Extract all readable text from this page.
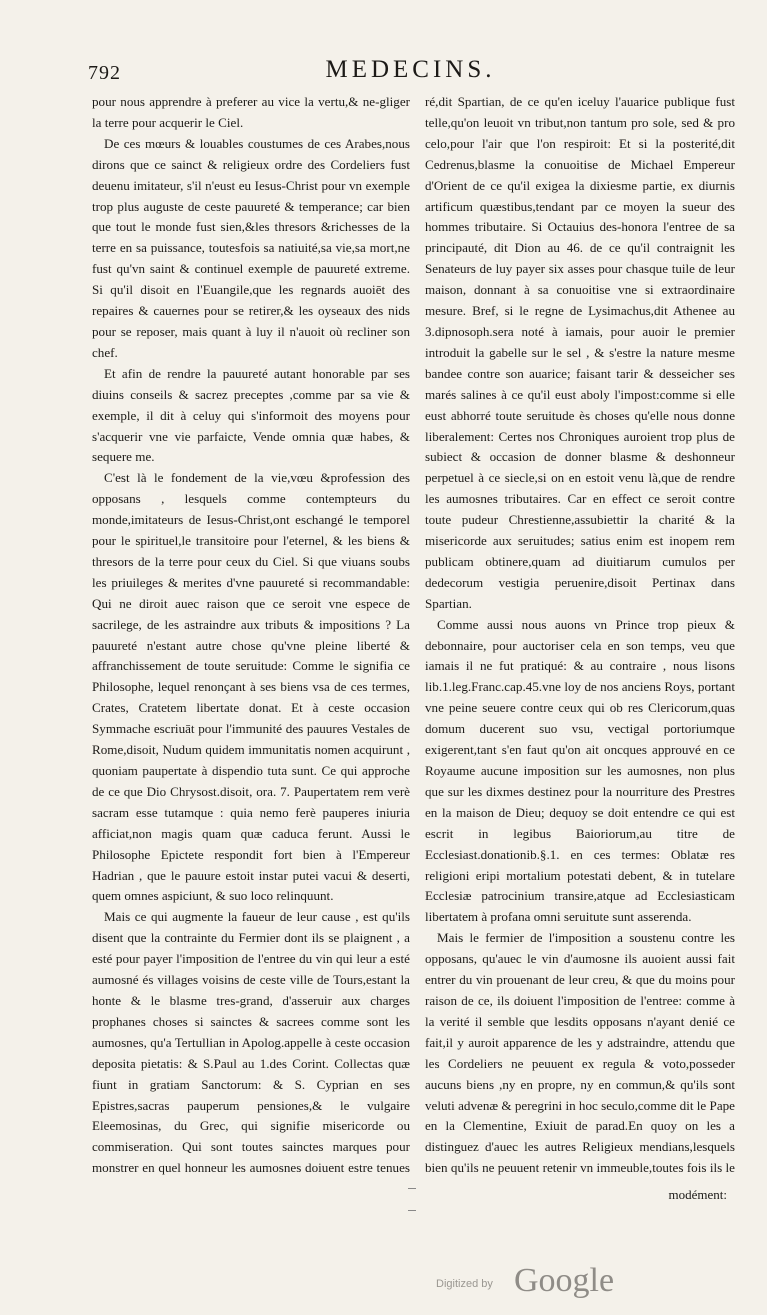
792	MEDECINS.

pour nous apprendre à preferer au vice la vertu,& ne-gliger la terre pour acquerir le Ciel.

De ces mœurs & louables coustumes de ces Arabes,nous dirons que ce sainct & religieux ordre des Cordeliers fust deuenu imitateur, s'il n'eust eu Iesus-Christ pour vn exemple trop plus auguste de ceste pauureté & temperance; car bien que tout le monde fust sien,&les thresors &richesses de la terre en sa puissance, toutesfois sa natiuité,sa vie,sa mort,ne fust qu'vn saint & continuel exemple de pauureté extreme. Si qu'il disoit en l'Euangile,que les regnards auoiēt des repaires & cauernes pour se retirer,& les oyseaux des nids pour se reposer, mais quant à luy il n'auoit où recliner son chef.

Et afin de rendre la pauureté autant honorable par ses diuins conseils & sacrez preceptes ,comme par sa vie & exemple, il dit à celuy qui s'informoit des moyens pour s'acquerir vne vie parfaicte, Vende omnia quæ habes, & sequere me.

C'est là le fondement de la vie,vœu &profession des opposans , lesquels comme contempteurs du monde,imitateurs de Iesus-Christ,ont eschangé le temporel pour le spirituel,le transitoire pour l'eternel, & les biens & thresors de la terre pour ceux du Ciel. Si que viuans soubs les priuileges & merites d'vne pauureté si recommandable: Qui ne diroit auec raison que ce seroit vne espece de sacrilege, de les astraindre aux tributs & impositions ? La pauureté n'estant autre chose qu'vne pleine liberté & affranchissement de toute seruitude: Comme le signifia ce Philosophe, lequel renonçant à ses biens vsa de ces termes, Crates, Cratetem libertate donat. Et à ceste occasion Symmache escriuāt pour l'immunité des pauures Vestales de Rome,disoit, Nudum quidem immunitatis nomen acquirunt , quoniam paupertate à dispendio tuta sunt. Ce qui approche de ce que Dio Chrysost.disoit, ora. 7. Paupertatem rem verè sacram esse tutamque : quia nemo ferè pauperes iniuria afficiat,non magis quam quæ caduca ferunt. Aussi le Philosophe Epictete respondit fort bien à l'Empereur Hadrian , que le pauure estoit instar putei vacui & deserti, quem omnes aspiciunt, & suo loco relinquunt.

Mais ce qui augmente la faueur de leur cause , est qu'ils disent que la contrainte du Fermier dont ils se plaignent , a esté pour payer l'imposition de l'entree du vin qui leur a esté aumosné és villages voisins de ceste ville de Tours,estant la honte & le blasme tres-grand, d'asseruir aux charges prophanes choses si sainctes & sacrees comme sont les aumosnes, qu'a Tertullian in Apolog.appelle à ceste occasion deposita pietatis: & S.Paul au 1.des Corint. Collectas quæ fiunt in gratiam Sanctorum: & S. Cyprian en ses Epistres,sacras pauperum pensiones,& le vulgaire Eleemosinas, du Grec, qui signifie misericorde ou commiseration. Qui sont toutes sainctes marques pour monstrer en quel honneur les aumosnes doiuent estre tenues

ré,dit Spartian, de ce qu'en iceluy l'auarice publique fust telle,qu'on leuoit vn tribut,non tantum pro sole, sed & pro celo,pour l'air que l'on respiroit: Et si la posterité,dit Cedrenus,blasme la conuoitise de Michael Empereur d'Orient de ce qu'il exigea la dixiesme partie, ex diurnis artificum quæstibus,tendant par ce moyen la sueur des hommes tributaire. Si Octauius des-honora l'entree de sa principauté, dit Dion au 46. de ce qu'il contraignit les Senateurs de luy payer six asses pour chasque tuile de leur maison, donnant à sa conuoitise vne si extraordinaire mesure. Bref, si le regne de Lysimachus,dit Athenee au 3.dipnosoph.sera noté à iamais, pour auoir le premier introduit la gabelle sur le sel , & s'estre la nature mesme bandee contre son auarice; faisant tarir & desseicher ses marés salines à ce qu'il eust aboly l'impost:comme si elle eust abhorré toute seruitude ès choses qu'elle nous donne liberalement: Certes nos Chroniques auroient trop plus de subiect & occasion de donner blasme & deshonneur perpetuel à ce siecle,si on en estoit venu là,que de rendre les aumosnes tributaires. Car en effect ce seroit contre toute pudeur Chrestienne,assubiettir la charité & la misericorde aux seruitudes; satius enim est inopem rem publicam obtinere,quam ad diuitiarum cumulos per dedecorum vestigia peruenire,disoit Pertinax dans Spartian.

Comme aussi nous auons vn Prince trop pieux & debonnaire, pour auctoriser cela en son temps, veu que iamais il ne fut pratiqué: & au contraire , nous lisons lib.1.leg.Franc.cap.45.vne loy de nos anciens Roys, portant vne peine seuere contre ceux qui ob res Clericorum,quas domum ducerent suo vsu, vectigal portoriumque exigerent,tant s'en faut qu'on ait oncques approuvé en ce Royaume aucune imposition sur les aumosnes, non plus que sur les dixmes destinez pour la nourriture des Prestres en la maison de Dieu; dequoy se doit entendre ce qui est escrit in legibus Baioriorum,au titre de Ecclesiast.donationib.§.1. en ces termes: Oblatæ res religioni eripi mortalium potestati debent, & in tutelare Ecclesiæ patrocinium transire,atque ad Ecclesiasticam libertatem à profana omni seruitute sunt asserenda.

Mais le fermier de l'imposition a soustenu contre les opposans, qu'auec le vin d'aumosne ils auoient aussi fait entrer du vin prouenant de leur creu, & que du moins pour raison de ce, ils doiuent l'imposition de l'entree: comme à la verité il semble que lesdits opposans n'ayant denié ce fait,il y auroit apparence de les y adstraindre, attendu que les Cordeliers ne peuuent ex regula & voto,posseder aucuns biens ,ny en propre, ny en commun,& qu'ils sont veluti advenæ & peregrini in hoc seculo,comme dit le Pape en la Clementine, Exiuit de parad.En quoy on les a distinguez d'auec les autres Religieux mendians,lesquels bien qu'ils ne peuuent retenir vn immeuble,toutes fois ils le

modément:
Digitized by Google
